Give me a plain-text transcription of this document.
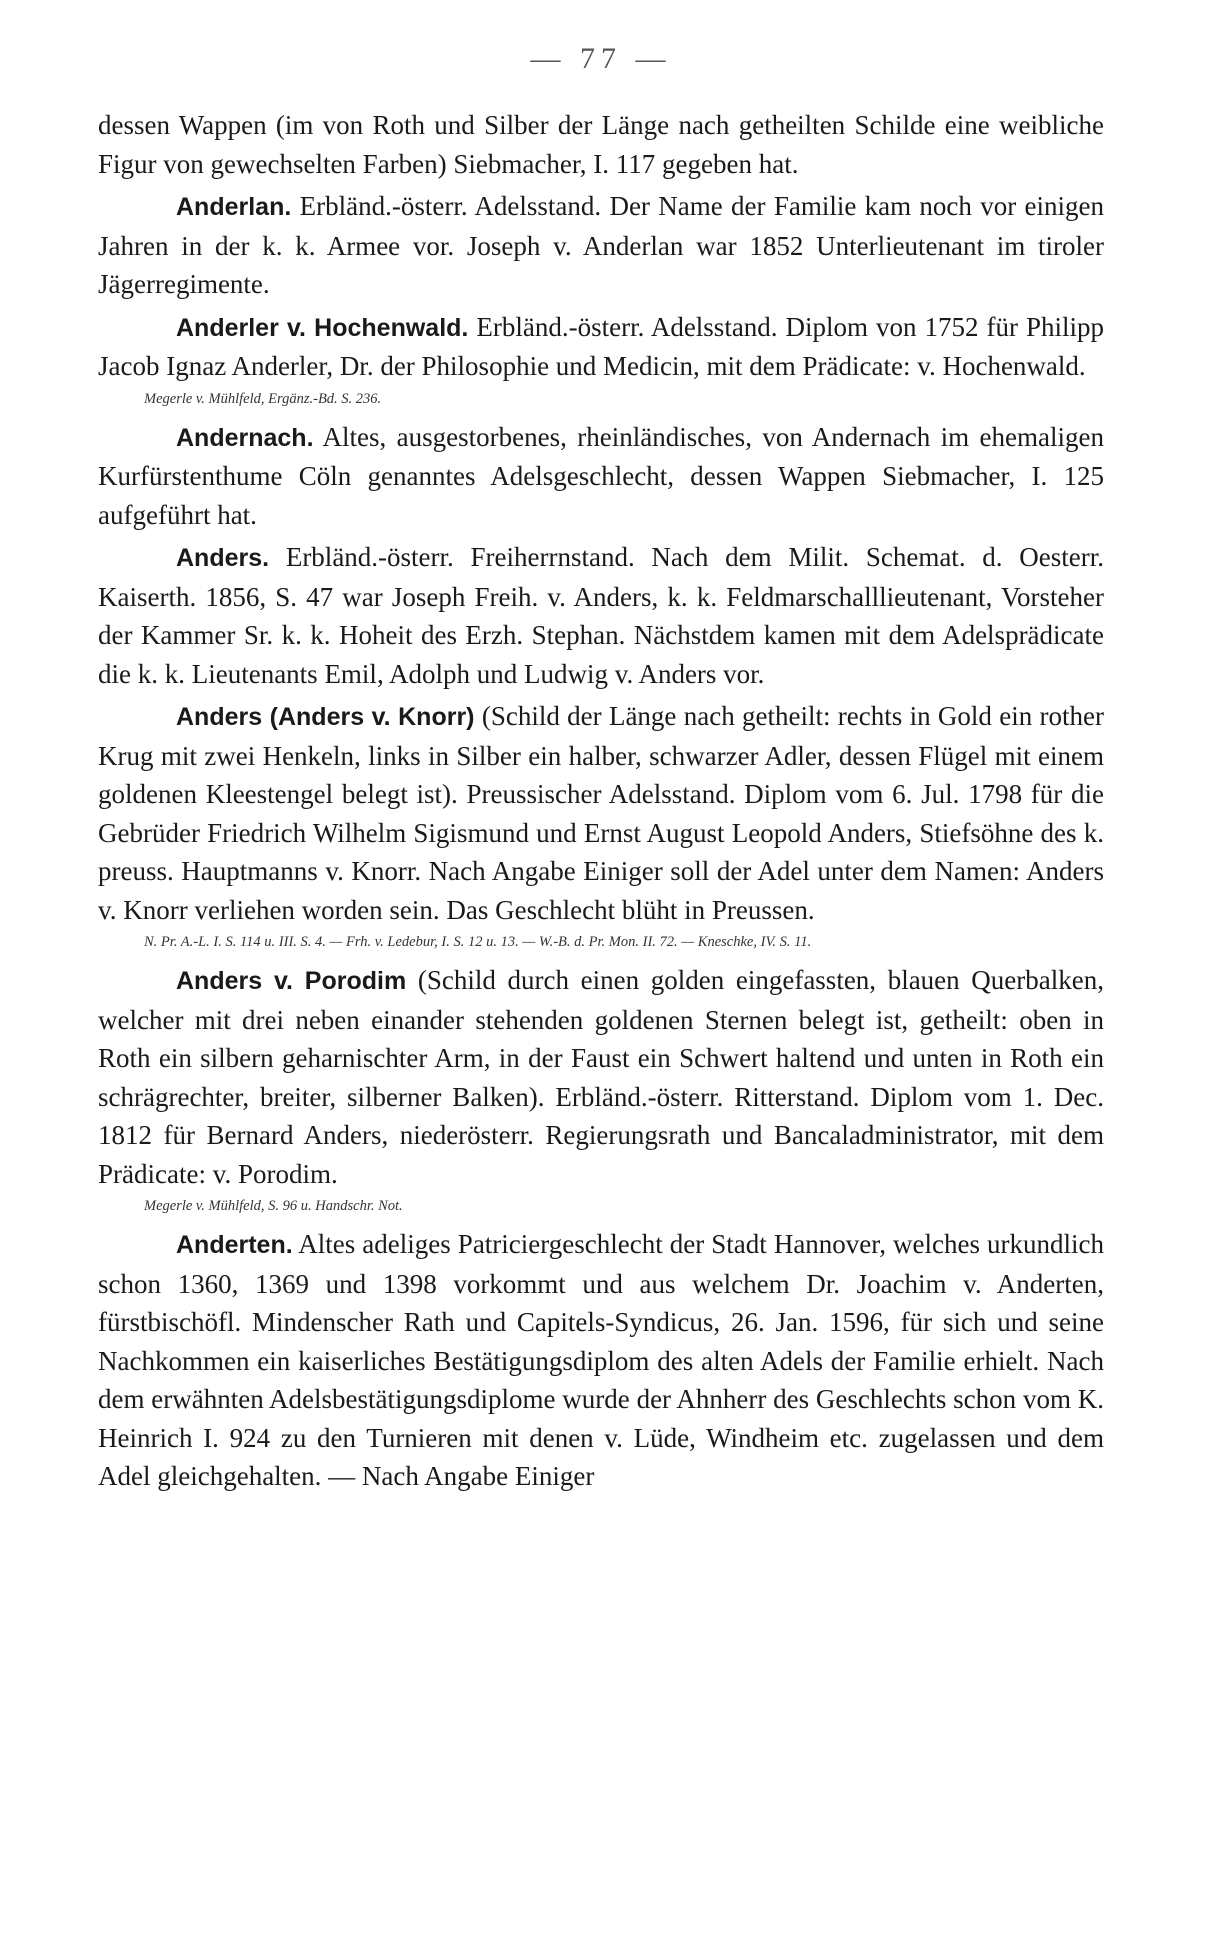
— 77 —

dessen Wappen (im von Roth und Silber der Länge nach getheilten Schilde eine weibliche Figur von gewechselten Farben) Siebmacher, I. 117 gegeben hat.

Anderlan. Erbländ.-österr. Adelsstand. Der Name der Familie kam noch vor einigen Jahren in der k. k. Armee vor. Joseph v. Anderlan war 1852 Unterlieutenant im tiroler Jägerregimente.

Anderler v. Hochenwald. Erbländ.-österr. Adelsstand. Diplom von 1752 für Philipp Jacob Ignaz Anderler, Dr. der Philosophie und Medicin, mit dem Prädicate: v. Hochenwald.

Megerle v. Mühlfeld, Ergänz.-Bd. S. 236.

Andernach. Altes, ausgestorbenes, rheinländisches, von Andernach im ehemaligen Kurfürstenthume Cöln genanntes Adelsgeschlecht, dessen Wappen Siebmacher, I. 125 aufgeführt hat.

Anders. Erbländ.-österr. Freiherrnstand. Nach dem Milit. Schemat. d. Oesterr. Kaiserth. 1856, S. 47 war Joseph Freih. v. Anders, k. k. Feldmarschalllieutenant, Vorsteher der Kammer Sr. k. k. Hoheit des Erzh. Stephan. Nächstdem kamen mit dem Adelsprädicate die k. k. Lieutenants Emil, Adolph und Ludwig v. Anders vor.

Anders (Anders v. Knorr) (Schild der Länge nach getheilt: rechts in Gold ein rother Krug mit zwei Henkeln, links in Silber ein halber, schwarzer Adler, dessen Flügel mit einem goldenen Kleestengel belegt ist). Preussischer Adelsstand. Diplom vom 6. Jul. 1798 für die Gebrüder Friedrich Wilhelm Sigismund und Ernst August Leopold Anders, Stiefsöhne des k. preuss. Hauptmanns v. Knorr. Nach Angabe Einiger soll der Adel unter dem Namen: Anders v. Knorr verliehen worden sein. Das Geschlecht blüht in Preussen.

N. Pr. A.-L. I. S. 114 u. III. S. 4. — Frh. v. Ledebur, I. S. 12 u. 13. — W.-B. d. Pr. Mon. II. 72. — Kneschke, IV. S. 11.

Anders v. Porodim (Schild durch einen golden eingefassten, blauen Querbalken, welcher mit drei neben einander stehenden goldenen Sternen belegt ist, getheilt: oben in Roth ein silbern geharnischter Arm, in der Faust ein Schwert haltend und unten in Roth ein schrägrechter, breiter, silberner Balken). Erbländ.-österr. Ritterstand. Diplom vom 1. Dec. 1812 für Bernard Anders, niederösterr. Regierungsrath und Bancaladministrator, mit dem Prädicate: v. Porodim.

Megerle v. Mühlfeld, S. 96 u. Handschr. Not.

Anderten. Altes adeliges Patriciergeschlecht der Stadt Hannover, welches urkundlich schon 1360, 1369 und 1398 vorkommt und aus welchem Dr. Joachim v. Anderten, fürstbischöfl. Mindenscher Rath und Capitels-Syndicus, 26. Jan. 1596, für sich und seine Nachkommen ein kaiserliches Bestätigungsdiplom des alten Adels der Familie erhielt. Nach dem erwähnten Adelsbestätigungsdiplome wurde der Ahnherr des Geschlechts schon vom K. Heinrich I. 924 zu den Turnieren mit denen v. Lüde, Windheim etc. zugelassen und dem Adel gleichgehalten. — Nach Angabe Einiger
